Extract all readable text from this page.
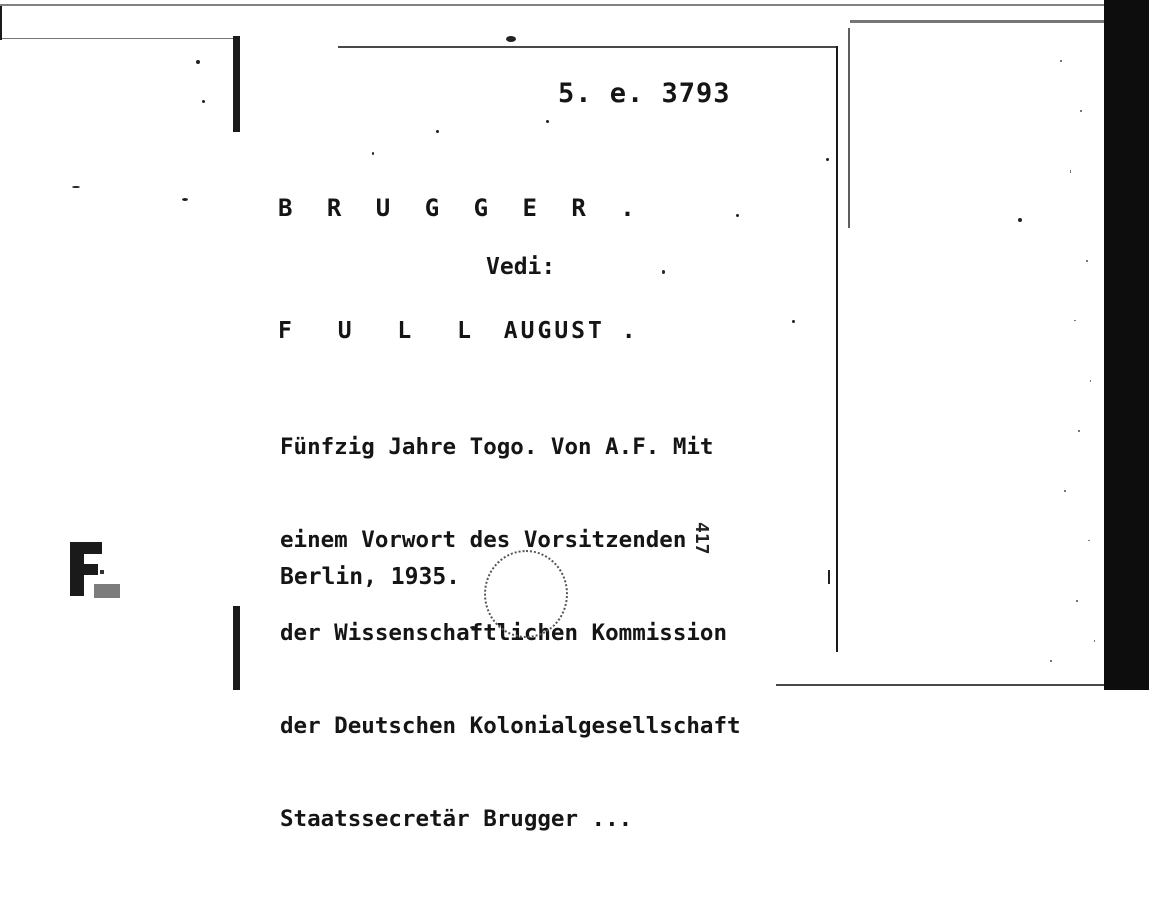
5. e. 3793
B R U G G E R .
Vedi:
F U L L AUGUST .

Fünfzig Jahre Togo. Von A.F. Mit

einem Vorwort des Vorsitzenden

der Wissenschaftlichen Kommission

der Deutschen Kolonialgesellschaft

Staatssecretär Brugger ...

Berlin, 1935.
417
